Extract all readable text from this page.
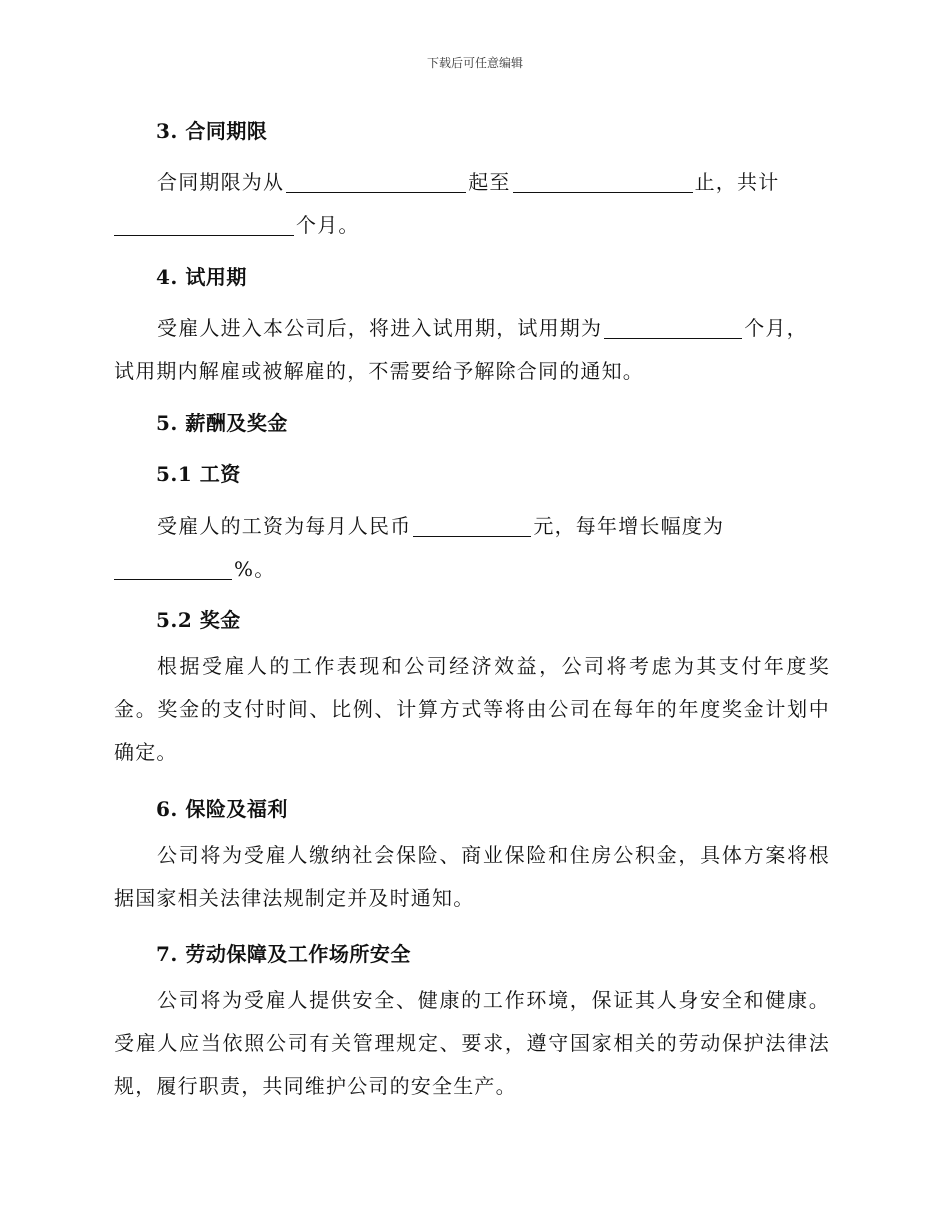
下载后可任意编辑
3. 合同期限
合同期限为从	起至	止，共计
个月。
4. 试用期
受雇人进入本公司后，将进入试用期，试用期为	个月，
试用期内解雇或被解雇的，不需要给予解除合同的通知。
5. 薪酬及奖金
5.1 工资
受雇人的工资为每月人民币	元，每年增长幅度为
%。
5.2 奖金
根据受雇人的工作表现和公司经济效益，公司将考虑为其支付年度奖金。奖金的支付时间、比例、计算方式等将由公司在每年的年度奖金计划中确定。
6. 保险及福利
公司将为受雇人缴纳社会保险、商业保险和住房公积金，具体方案将根据国家相关法律法规制定并及时通知。
7. 劳动保障及工作场所安全
公司将为受雇人提供安全、健康的工作环境，保证其人身安全和健康。受雇人应当依照公司有关管理规定、要求，遵守国家相关的劳动保护法律法规，履行职责，共同维护公司的安全生产。
